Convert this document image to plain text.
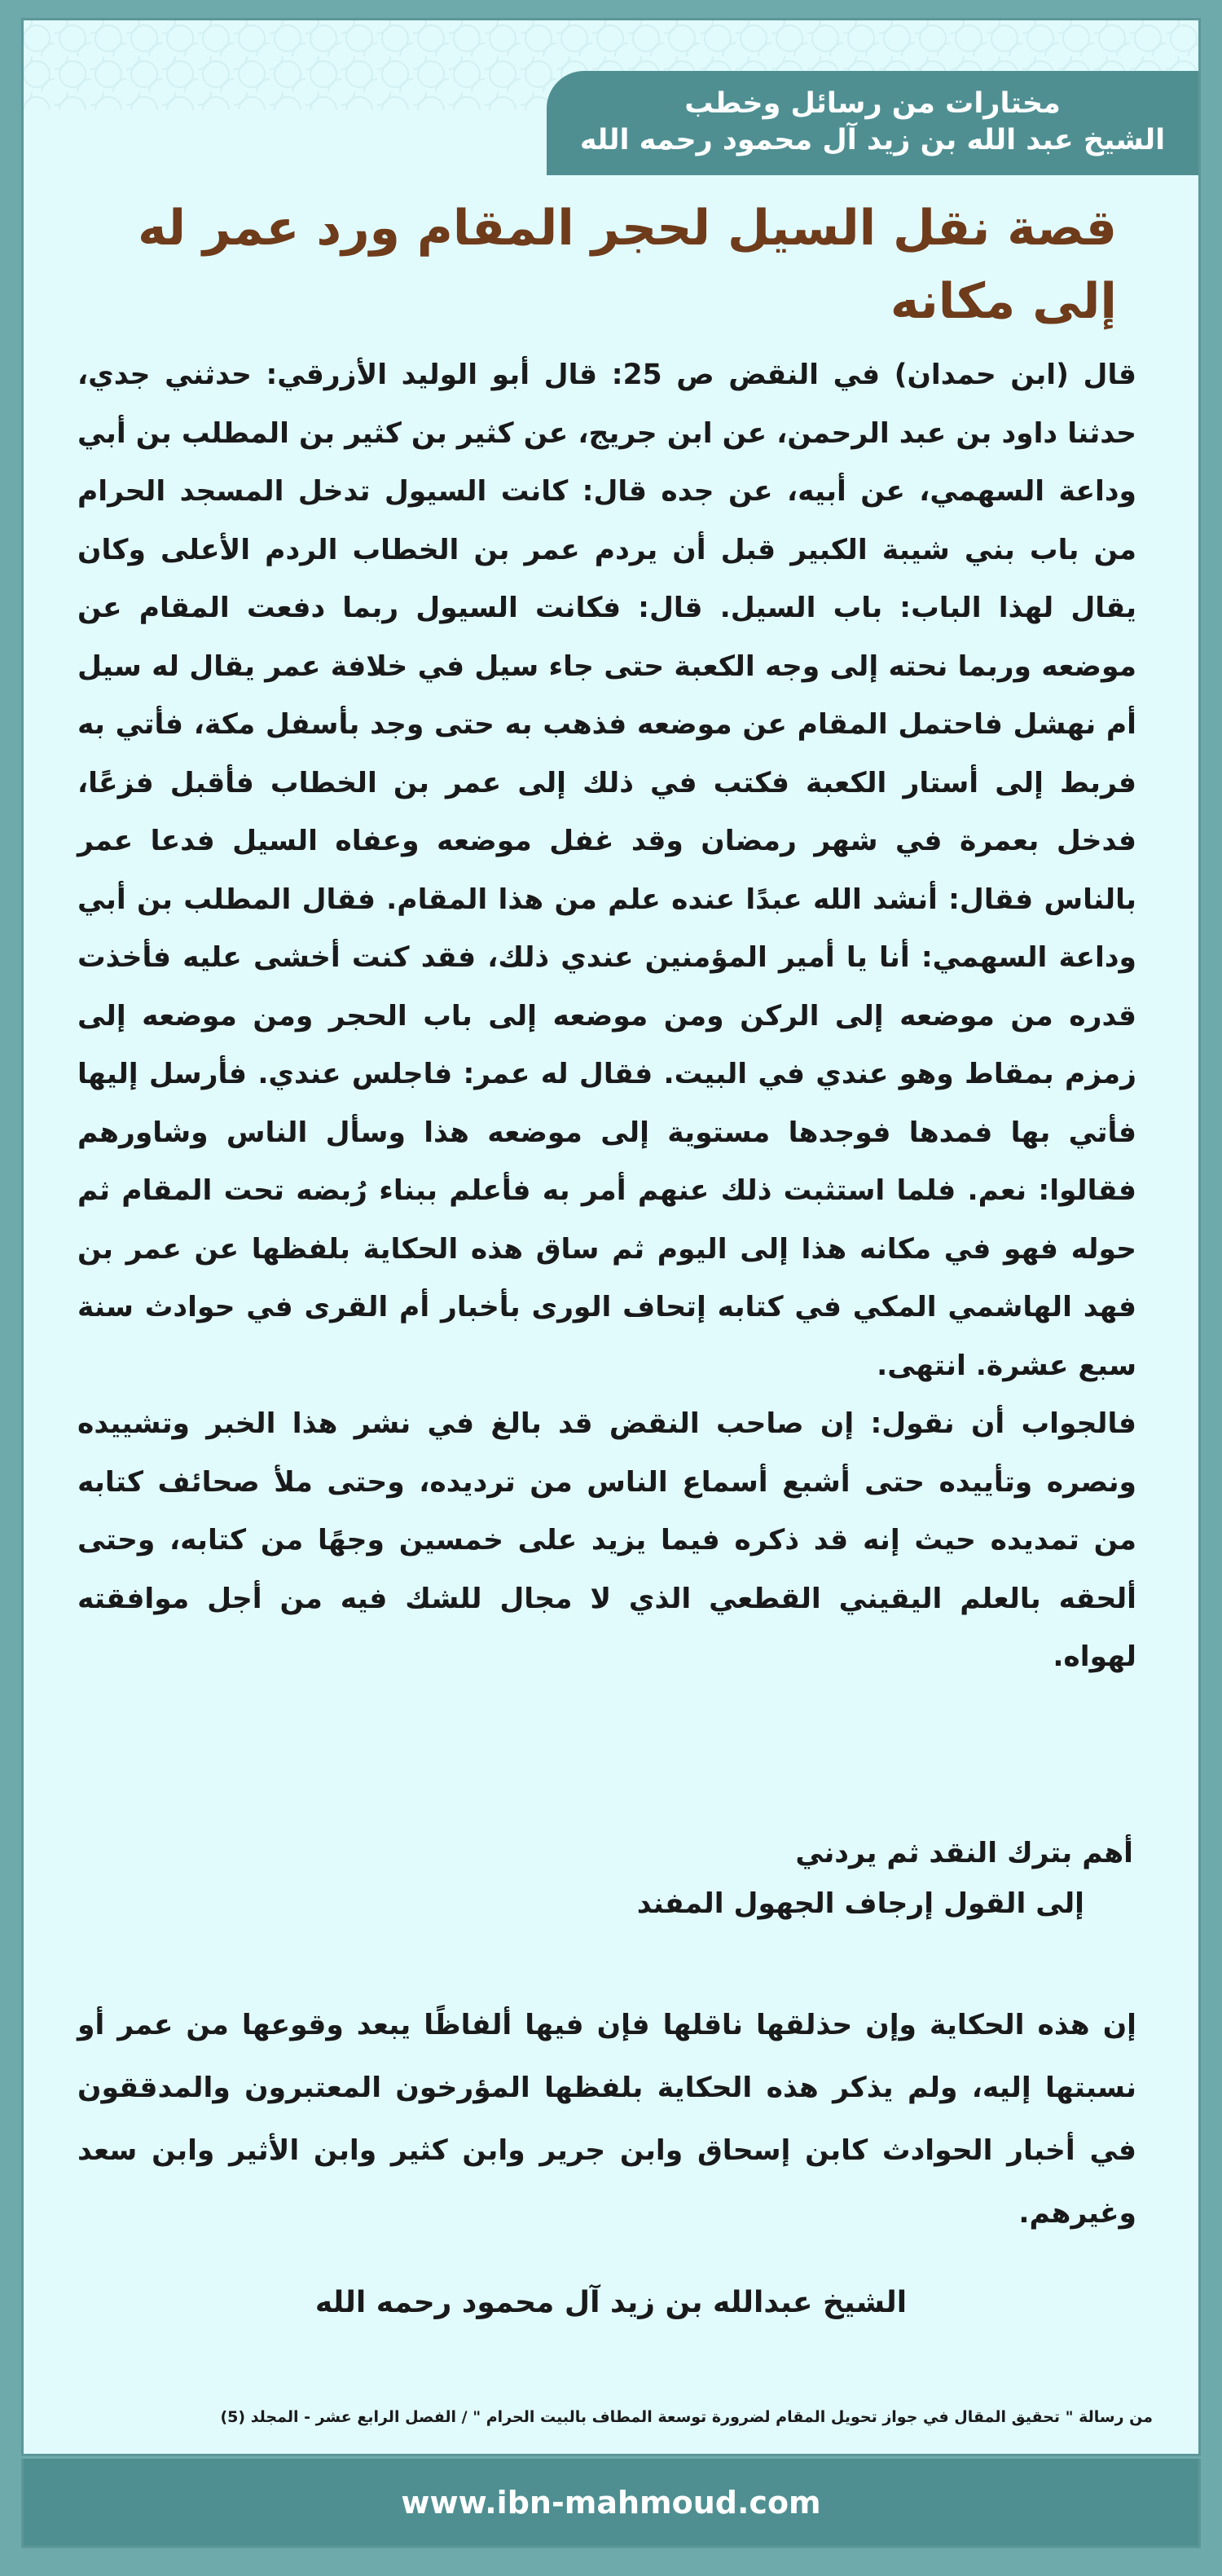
مختارات من رسائل وخطب
الشيخ عبد الله بن زيد آل محمود رحمه الله
قصة نقل السيل لحجر المقام ورد عمر له إلى مكانه

قال (ابن حمدان) في النقض ص 25: قال أبو الوليد الأزرقي: حدثني جدي، حدثنا داود بن عبد الرحمن، عن ابن جريج، عن كثير بن كثير بن المطلب بن أبي وداعة السهمي، عن أبيه، عن جده قال: كانت السيول تدخل المسجد الحرام من باب بني شيبة الكبير قبل أن يردم عمر بن الخطاب الردم الأعلى وكان يقال لهذا الباب: باب السيل. قال: فكانت السيول ربما دفعت المقام عن موضعه وربما نحته إلى وجه الكعبة حتى جاء سيل في خلافة عمر يقال له سيل أم نهشل فاحتمل المقام عن موضعه فذهب به حتى وجد بأسفل مكة، فأتي به فربط إلى أستار الكعبة فكتب في ذلك إلى عمر بن الخطاب فأقبل فزعًا، فدخل بعمرة في شهر رمضان وقد غفل موضعه وعفاه السيل فدعا عمر بالناس فقال: أنشد الله عبدًا عنده علم من هذا المقام. فقال المطلب بن أبي وداعة السهمي: أنا يا أمير المؤمنين عندي ذلك، فقد كنت أخشى عليه فأخذت قدره من موضعه إلى الركن ومن موضعه إلى باب الحجر ومن موضعه إلى زمزم بمقاط وهو عندي في البيت. فقال له عمر: فاجلس عندي. فأرسل إليها فأتي بها فمدها فوجدها مستوية إلى موضعه هذا وسأل الناس وشاورهم فقالوا: نعم. فلما استثبت ذلك عنهم أمر به فأعلم ببناء رُبضه تحت المقام ثم حوله فهو في مكانه هذا إلى اليوم ثم ساق هذه الحكاية بلفظها عن عمر بن فهد الهاشمي المكي في كتابه إتحاف الورى بأخبار أم القرى في حوادث سنة سبع عشرة. انتهى.

فالجواب أن نقول: إن صاحب النقض قد بالغ في نشر هذا الخبر وتشييده ونصره وتأييده حتى أشبع أسماع الناس من ترديده، وحتى ملأ صحائف كتابه من تمديده حيث إنه قد ذكره فيما يزيد على خمسين وجهًا من كتابه، وحتى ألحقه بالعلم اليقيني القطعي الذي لا مجال للشك فيه من أجل موافقته لهواه.

أهم بترك النقد ثم يردني
إلى القول إرجاف الجهول المفند

إن هذه الحكاية وإن حذلقها ناقلها فإن فيها ألفاظًا يبعد وقوعها من عمر أو نسبتها إليه، ولم يذكر هذه الحكاية بلفظها المؤرخون المعتبرون والمدققون في أخبار الحوادث كابن إسحاق وابن جرير وابن كثير وابن الأثير وابن سعد وغيرهم.

الشيخ عبدالله بن زيد آل محمود رحمه الله
من رسالة " تحقيق المقال في جواز تحويل المقام لضرورة توسعة المطاف بالبيت الحرام " / الفصل الرابع عشر - المجلد (5)
www.ibn-mahmoud.com
